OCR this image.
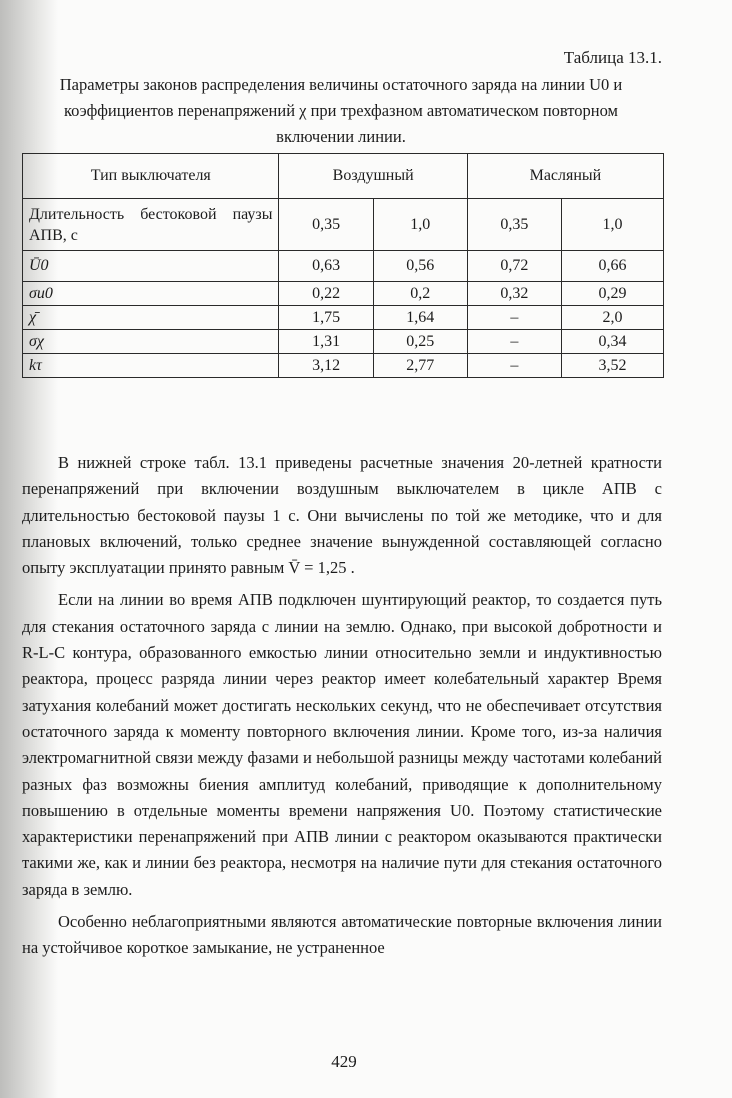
Таблица 13.1.
Параметры законов распределения величины остаточного заряда на линии U0 и коэффициентов перенапряжений χ при трехфазном автоматическом повторном включении линии.
Тип выключателя	Воздушный		Масляный	
Длительность бестоковой паузы АПВ, с	0,35	1,0	0,35	1,0
Ū0	0,63	0,56	0,72	0,66
σu0	0,22	0,2	0,32	0,29
χ̄	1,75	1,64	–	2,0
σχ	1,31	0,25	–	0,34
kτ	3,12	2,77	–	3,52

В нижней строке табл. 13.1 приведены расчетные значения 20-летней кратности перенапряжений при включении воздушным выключателем в цикле АПВ с длительностью бестоковой паузы 1 с. Они вычислены по той же методике, что и для плановых включений, только среднее значение вынужденной составляющей согласно опыту эксплуатации принято равным V̄ = 1,25 .

Если на линии во время АПВ подключен шунтирующий реактор, то создается путь для стекания остаточного заряда с линии на землю. Однако, при высокой добротности и R-L-C контура, образованного емкостью линии относительно земли и индуктивностью реактора, процесс разряда линии через реактор имеет колебательный характер Время затухания колебаний может достигать нескольких секунд, что не обеспечивает отсутствия остаточного заряда к моменту повторного включения линии. Кроме того, из-за наличия электромагнитной связи между фазами и небольшой разницы между частотами колебаний разных фаз возможны биения амплитуд колебаний, приводящие к дополнительному повышению в отдельные моменты времени напряжения U0. Поэтому статистические характеристики перенапряжений при АПВ линии с реактором оказываются практически такими же, как и линии без реактора, несмотря на наличие пути для стекания остаточного заряда в землю.

Особенно неблагоприятными являются автоматические повторные включения линии на устойчивое короткое замыкание, не устраненное

429
